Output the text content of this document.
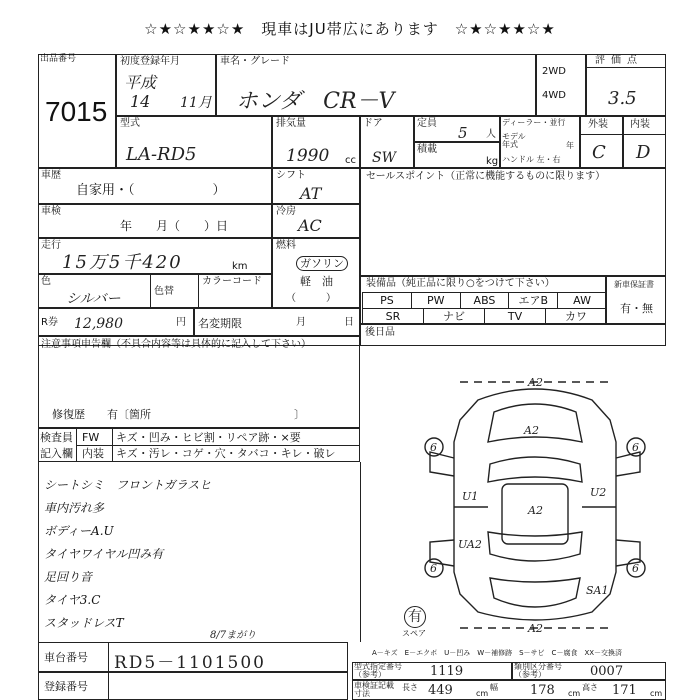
☆★☆★★☆★　現車はJU帯広にあります　☆★☆★★☆★
出品番号
7015
初度登録年月
平成
14 11月
車名・グレード
ホンダ　CR－V
2WD
4WD
評価点
3.5
型式
LA-RD5
排気量
1990 cc
ドア
SW
定員
5 人
積載
kg
ディーラー・並行
モデル年式	年
ハンドル 左・右
外装
C
内装
D
車歴
自家用・（　　　　　　）
シフト
AT
車検
年　　月（　　）日
冷房
AC
走行
15万5千420	km
燃料
ガソリン
軽　油
（　　　）
色
シルバー	色替
カラーコード
セールスポイント（正常に機能するものに限ります）
装備品（純正品に限り○をつけて下さい）
PS	PW	ABS	エアB	AW
SR	ナビ	TV	カワ
新車保証書
有・無
R券 12,980	円 名変期限	月	日
後日品
注意事項申告欄（不具合内容等は具体的に記入して下さい）
修復歴　　有〔箇所　　　　　　　　　　　　　〕
検査員
記入欄
FW
内装
キズ・凹み・ヒビ割・リペア跡・×要
キズ・汚レ・コゲ・穴・タバコ・キレ・破レ
シートシミ　フロントガラスヒ
車内汚れ多
ボディーA.U
タイヤワイヤル凹み有
足回り音
タイヤ3.C
スタッドレスT
8/7まがり
A2
A2
6	6
A2
U1	U2
UA2
6	6
SA1
A2
有
スペア
A－キズ　E－エクボ　U－凹み　W－補修跡　S－サビ　C－腐食　XX－交換済
車台番号 RD5－1101500
登録番号
型式指定番号（参考）	1119	類別区分番号（参考）	0007
車検証記載寸法
長さ 449	cm
幅 178 cm
高さ 171 cm
